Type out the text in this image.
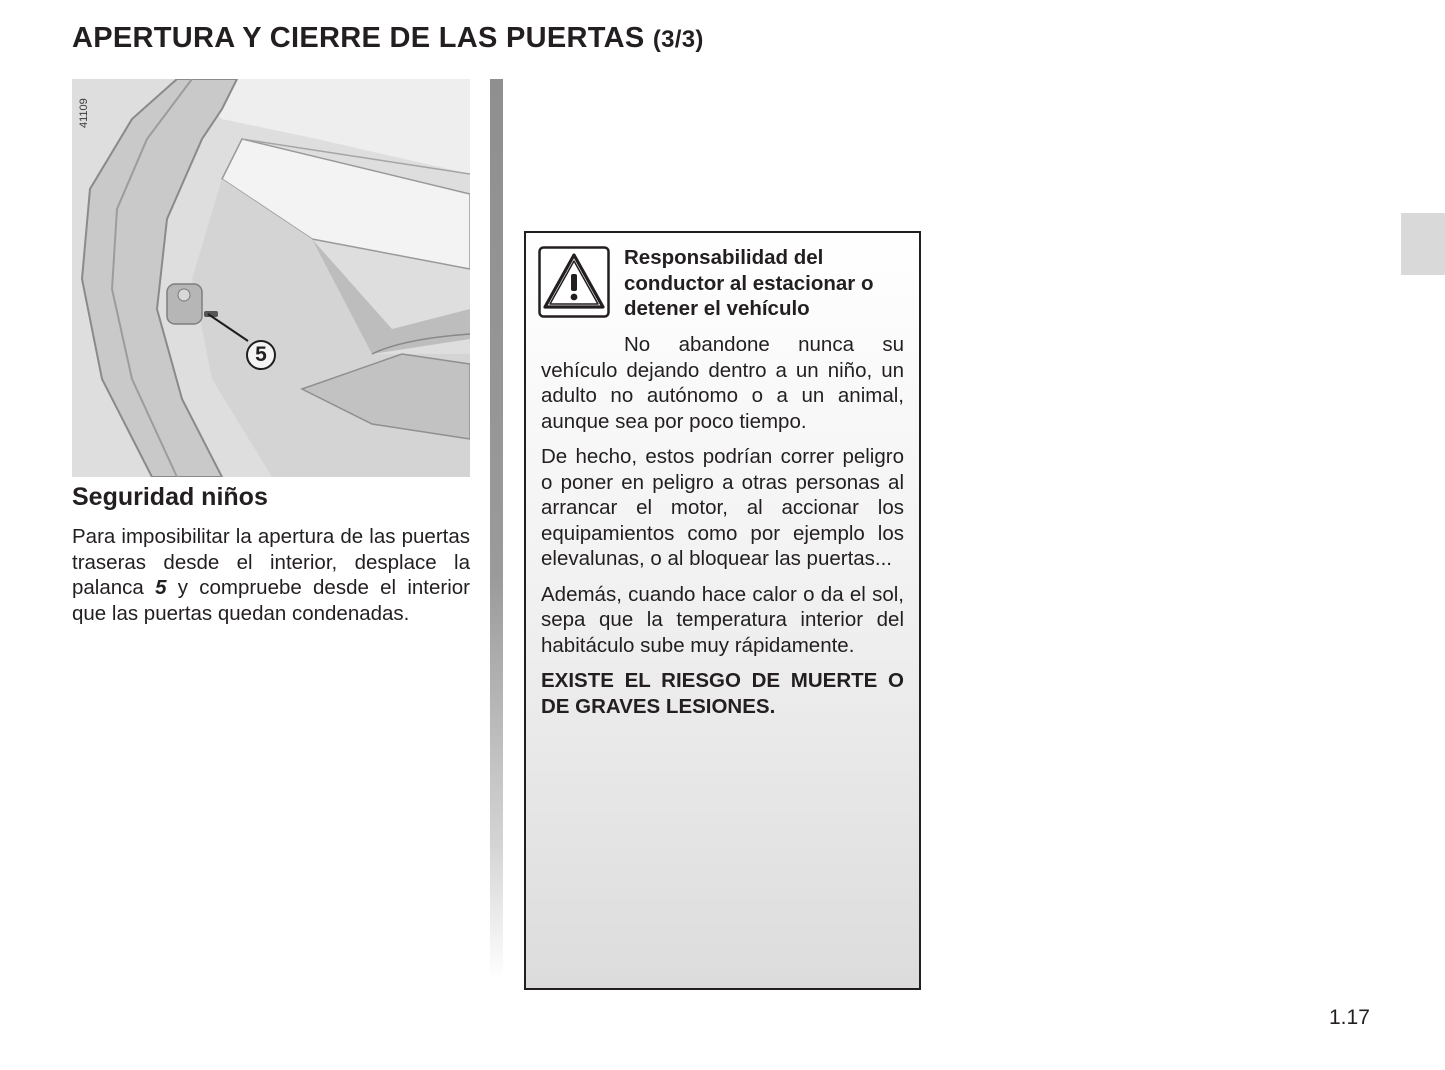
APERTURA Y CIERRE DE LAS PUERTAS (3/3)
41109
5
Seguridad niños

Para imposibilitar la apertura de las puertas traseras desde el interior, desplace la palanca 5 y compruebe desde el interior que las puertas quedan condenadas.

Responsabilidad del conductor al estacionar o detener el vehículo

No abandone nunca su vehículo dejando dentro a un niño, un adulto no autónomo o a un animal, aunque sea por poco tiempo.

De hecho, estos podrían correr peligro o poner en peligro a otras personas al arrancar el motor, al accionar los equipamientos como por ejemplo los elevalunas, o al bloquear las puertas...

Además, cuando hace calor o da el sol, sepa que la temperatura interior del habitáculo sube muy rápidamente.

EXISTE EL RIESGO DE MUERTE O DE GRAVES LESIONES.

1.17
